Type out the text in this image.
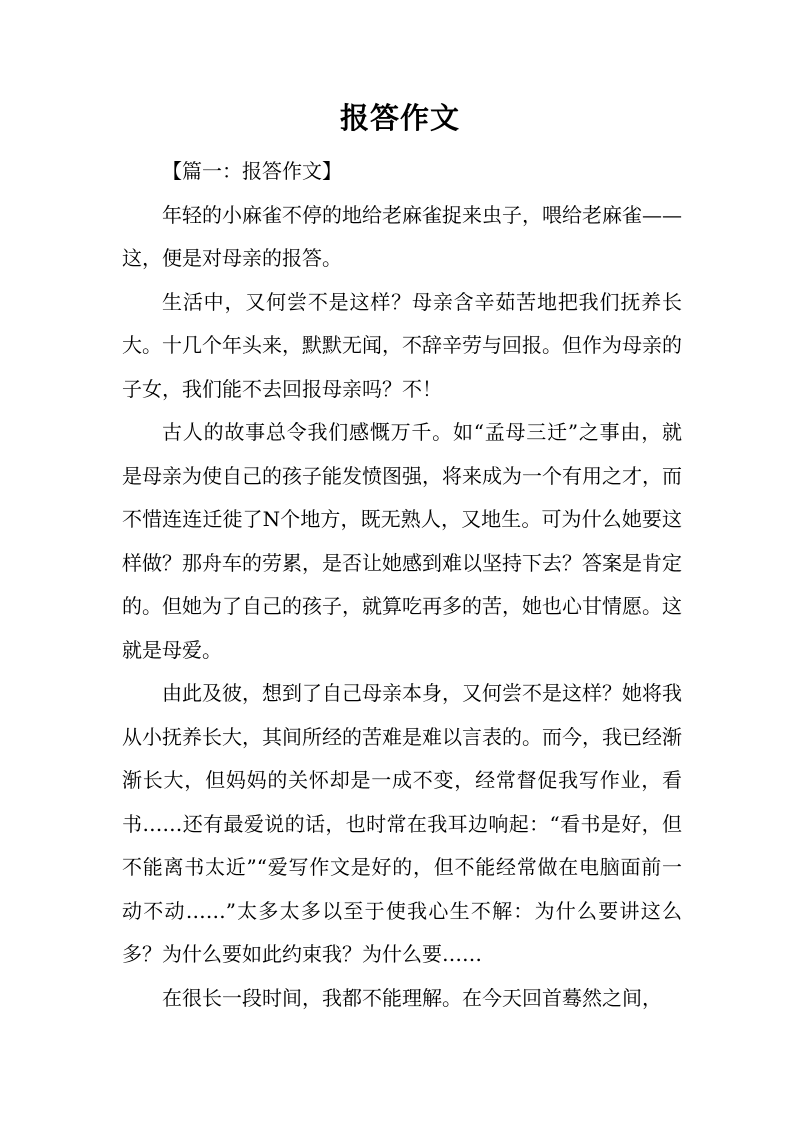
报答作文

【篇一：报答作文】

年轻的小麻雀不停的地给老麻雀捉来虫子，喂给老麻雀——这，便是对母亲的报答。

生活中，又何尝不是这样？母亲含辛茹苦地把我们抚养长大。十几个年头来，默默无闻，不辞辛劳与回报。但作为母亲的子女，我们能不去回报母亲吗？不！

古人的故事总令我们感慨万千。如“孟母三迁”之事由，就是母亲为使自己的孩子能发愤图强，将来成为一个有用之才，而不惜连连迁徙了N个地方，既无熟人，又地生。可为什么她要这样做？那舟车的劳累，是否让她感到难以坚持下去？答案是肯定的。但她为了自己的孩子，就算吃再多的苦，她也心甘情愿。这就是母爱。

由此及彼，想到了自己母亲本身，又何尝不是这样？她将我从小抚养长大，其间所经的苦难是难以言表的。而今，我已经渐渐长大，但妈妈的关怀却是一成不变，经常督促我写作业，看书……还有最爱说的话，也时常在我耳边响起：“看书是好，但不能离书太近”“爱写作文是好的，但不能经常做在电脑面前一动不动……”太多太多以至于使我心生不解：为什么要讲这么多？为什么要如此约束我？为什么要……

在很长一段时间，我都不能理解。在今天回首蓦然之间，
